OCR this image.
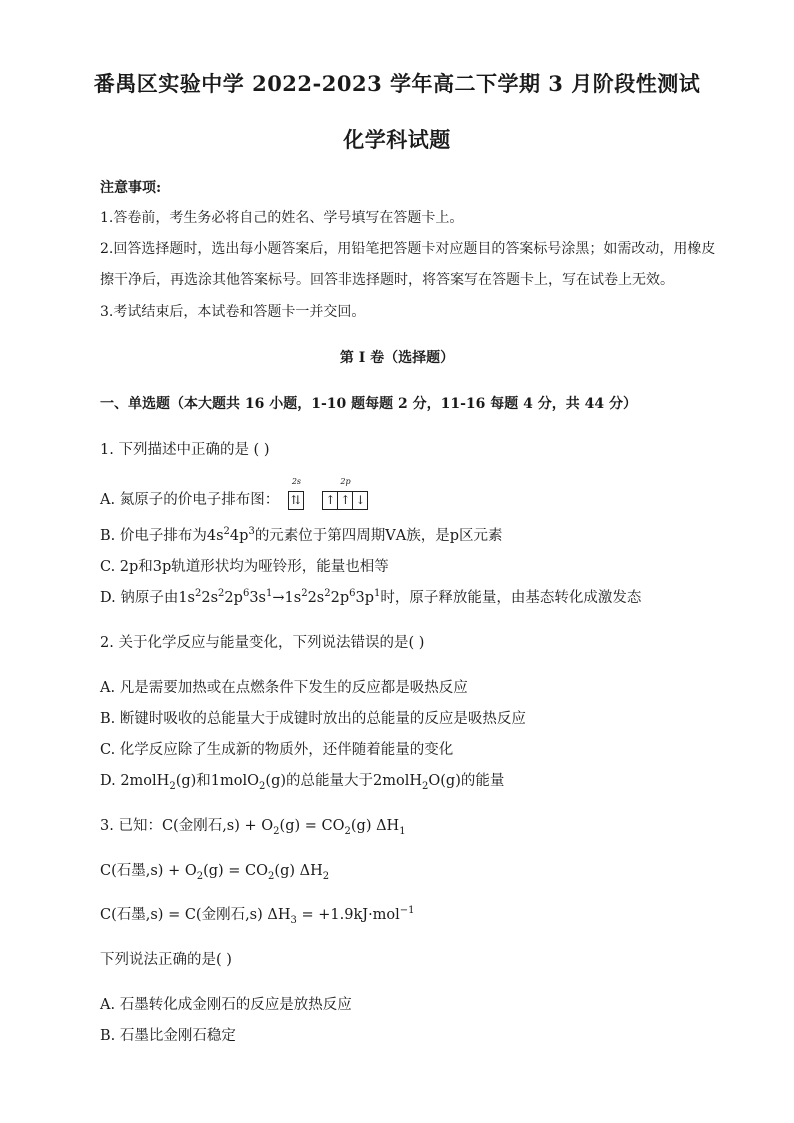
番禺区实验中学 2022-2023 学年高二下学期 3 月阶段性测试
化学科试题
注意事项:
1.答卷前，考生务必将自己的姓名、学号填写在答题卡上。
2.回答选择题时，选出每小题答案后，用铅笔把答题卡对应题目的答案标号涂黑；如需改动，用橡皮
擦干净后，再选涂其他答案标号。回答非选择题时，将答案写在答题卡上，写在试卷上无效。
3.考试结束后，本试卷和答题卡一并交回。
第 I 卷（选择题）
一、单选题（本大题共 16 小题，1-10 题每题 2 分，11-16 每题 4 分，共 44 分）
1. 下列描述中正确的是 ( )
A. 氮原子的价电子排布图：
2s
⇅
2p
↑ ↑ ↓
B. 价电子排布为$4s^24p^3$的元素位于第四周期ⅤA族，是p区元素
C. 2p和3p轨道形状均为哑铃形，能量也相等
D. 钠原子由$1s^22s^22p^63s^1\to 1s^22s^22p^63p^1$时，原子释放能量，由基态转化成激发态
2. 关于化学反应与能量变化，下列说法错误的是( )
A. 凡是需要加热或在点燃条件下发生的反应都是吸热反应
B. 断键时吸收的总能量大于成键时放出的总能量的反应是吸热反应
C. 化学反应除了生成新的物质外，还伴随着能量的变化
D. 2molH$_2$(g)和1molO$_2$(g)的总能量大于2molH$_2$O(g)的能量
3. 已知：C(金刚石$,s) + O_2(g) = CO_2(g)$ $\Delta H_1$
C(石墨$,s) + O_2(g) = CO_2(g)$ $\Delta H_2$
C(石墨,s) = C(金刚石,s) $\Delta H_3 = +1.9kJ\cdot mol^{-1}$
下列说法正确的是( )
A. 石墨转化成金刚石的反应是放热反应
B. 石墨比金刚石稳定
